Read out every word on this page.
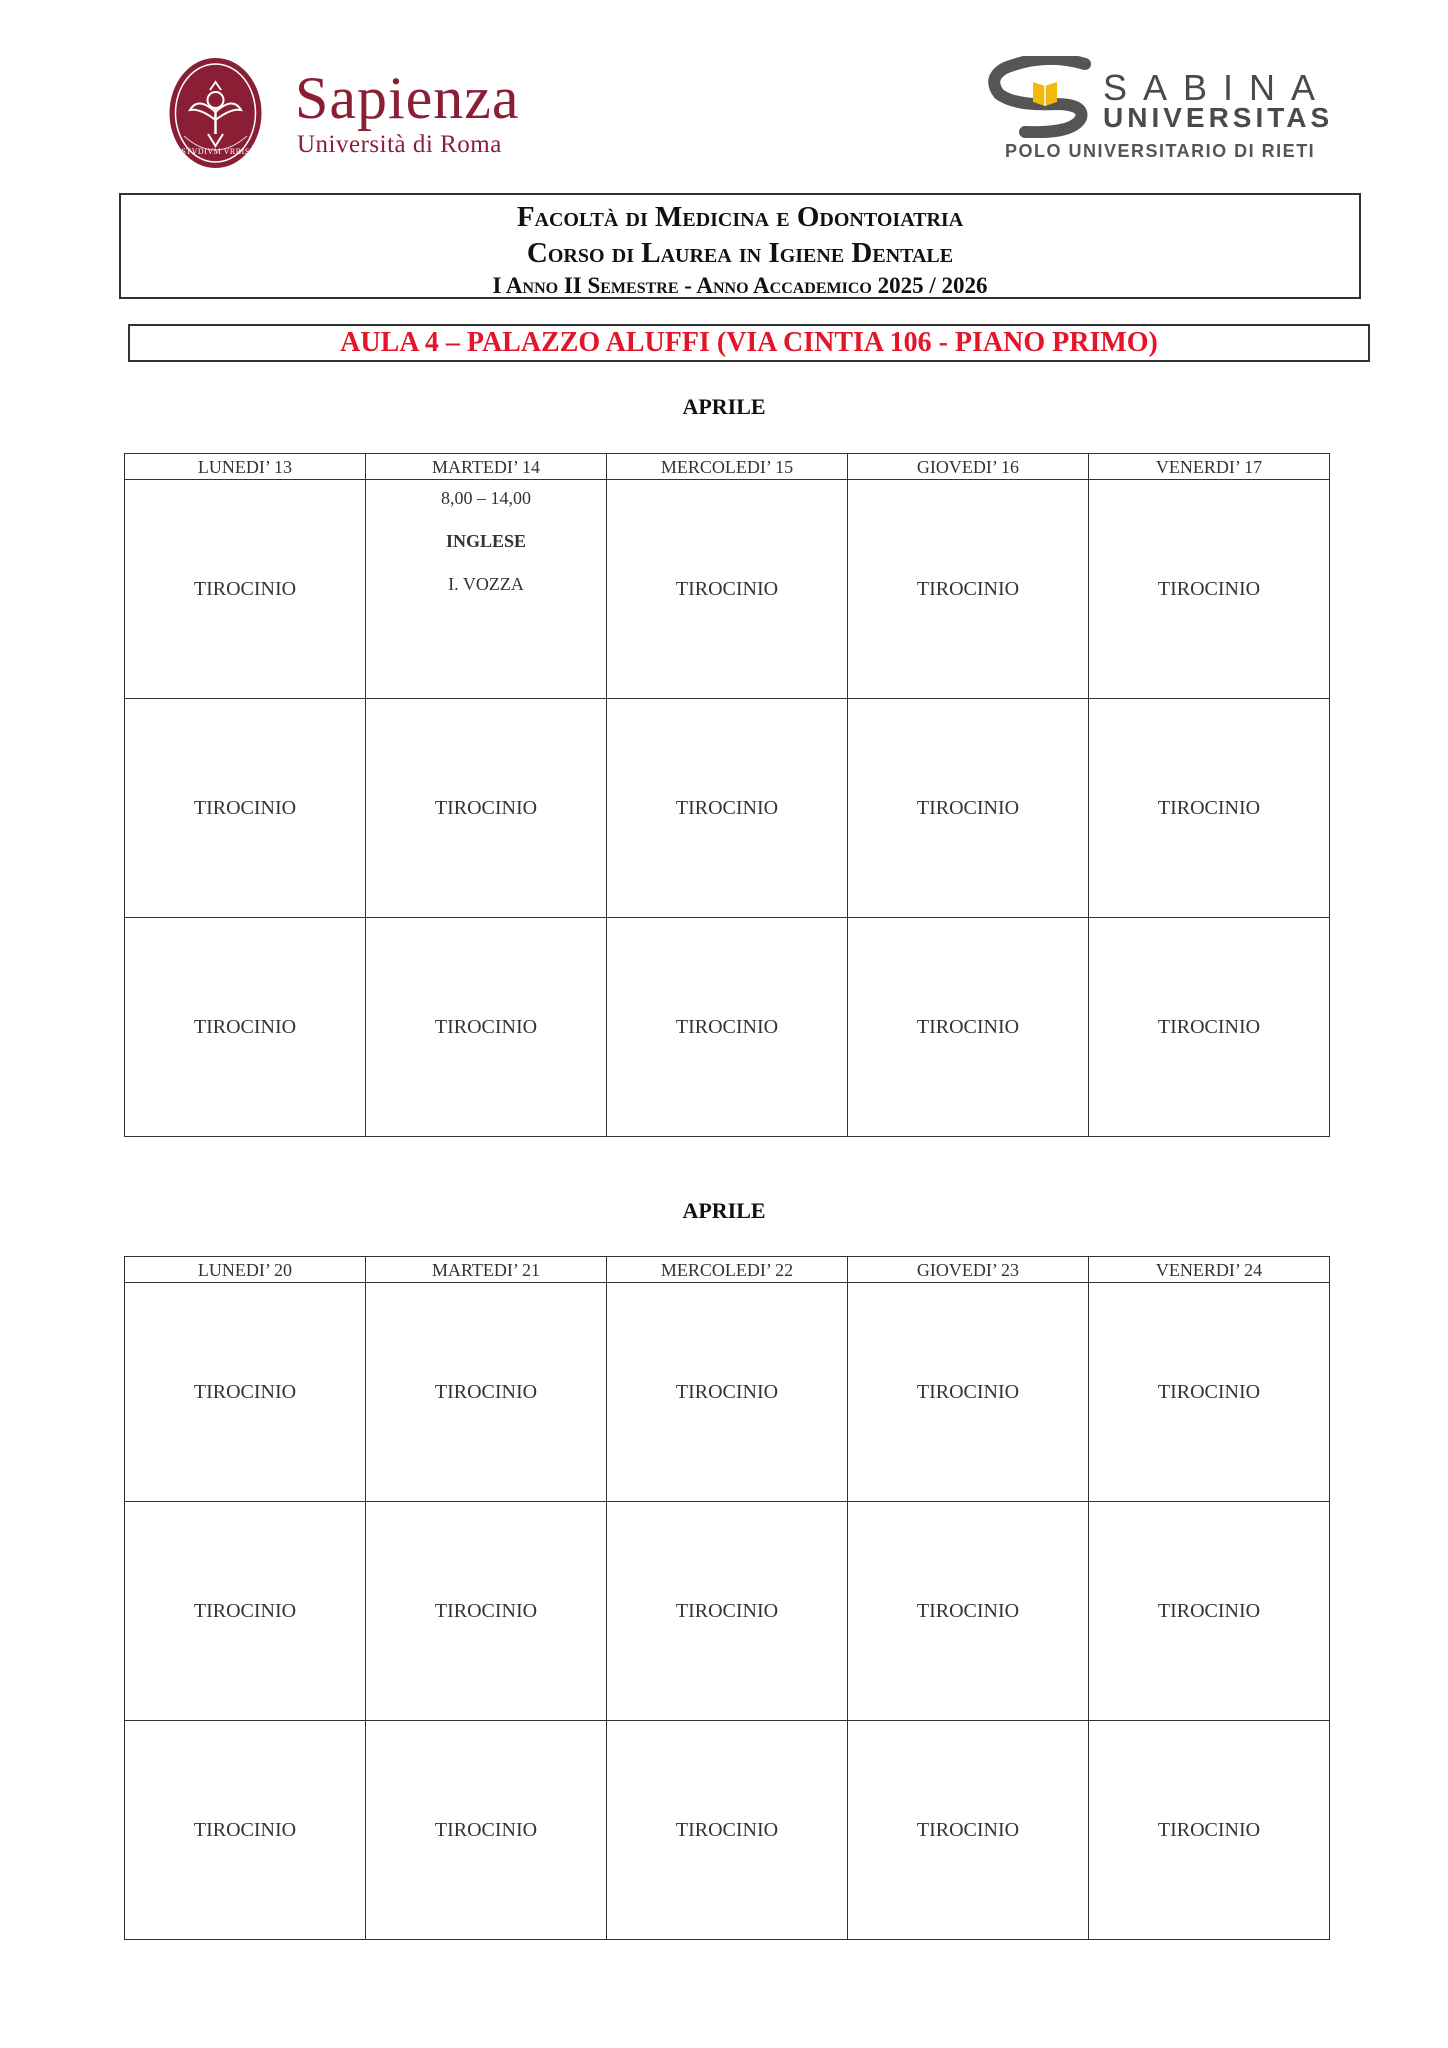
STVDIVM VRBIS
Sapienza
Università di Roma
SABINA
UNIVERSITAS
POLO UNIVERSITARIO DI RIETI
Facoltà di Medicina e Odontoiatria
Corso di Laurea in Igiene Dentale
I Anno II Semestre - Anno Accademico 2025 / 2026
AULA 4 – PALAZZO ALUFFI (VIA CINTIA 106 - PIANO PRIMO)
APRILE
LUNEDI’ 13	MARTEDI’ 14	MERCOLEDI’ 15	GIOVEDI’ 16	VENERDI’ 17
TIROCINIO	8,00 – 14,00
INGLESE
I. VOZZA	TIROCINIO	TIROCINIO	TIROCINIO
TIROCINIO	TIROCINIO	TIROCINIO	TIROCINIO	TIROCINIO
TIROCINIO	TIROCINIO	TIROCINIO	TIROCINIO	TIROCINIO
APRILE
LUNEDI’ 20	MARTEDI’ 21	MERCOLEDI’ 22	GIOVEDI’ 23	VENERDI’ 24
TIROCINIO	TIROCINIO	TIROCINIO	TIROCINIO	TIROCINIO
TIROCINIO	TIROCINIO	TIROCINIO	TIROCINIO	TIROCINIO
TIROCINIO	TIROCINIO	TIROCINIO	TIROCINIO	TIROCINIO
